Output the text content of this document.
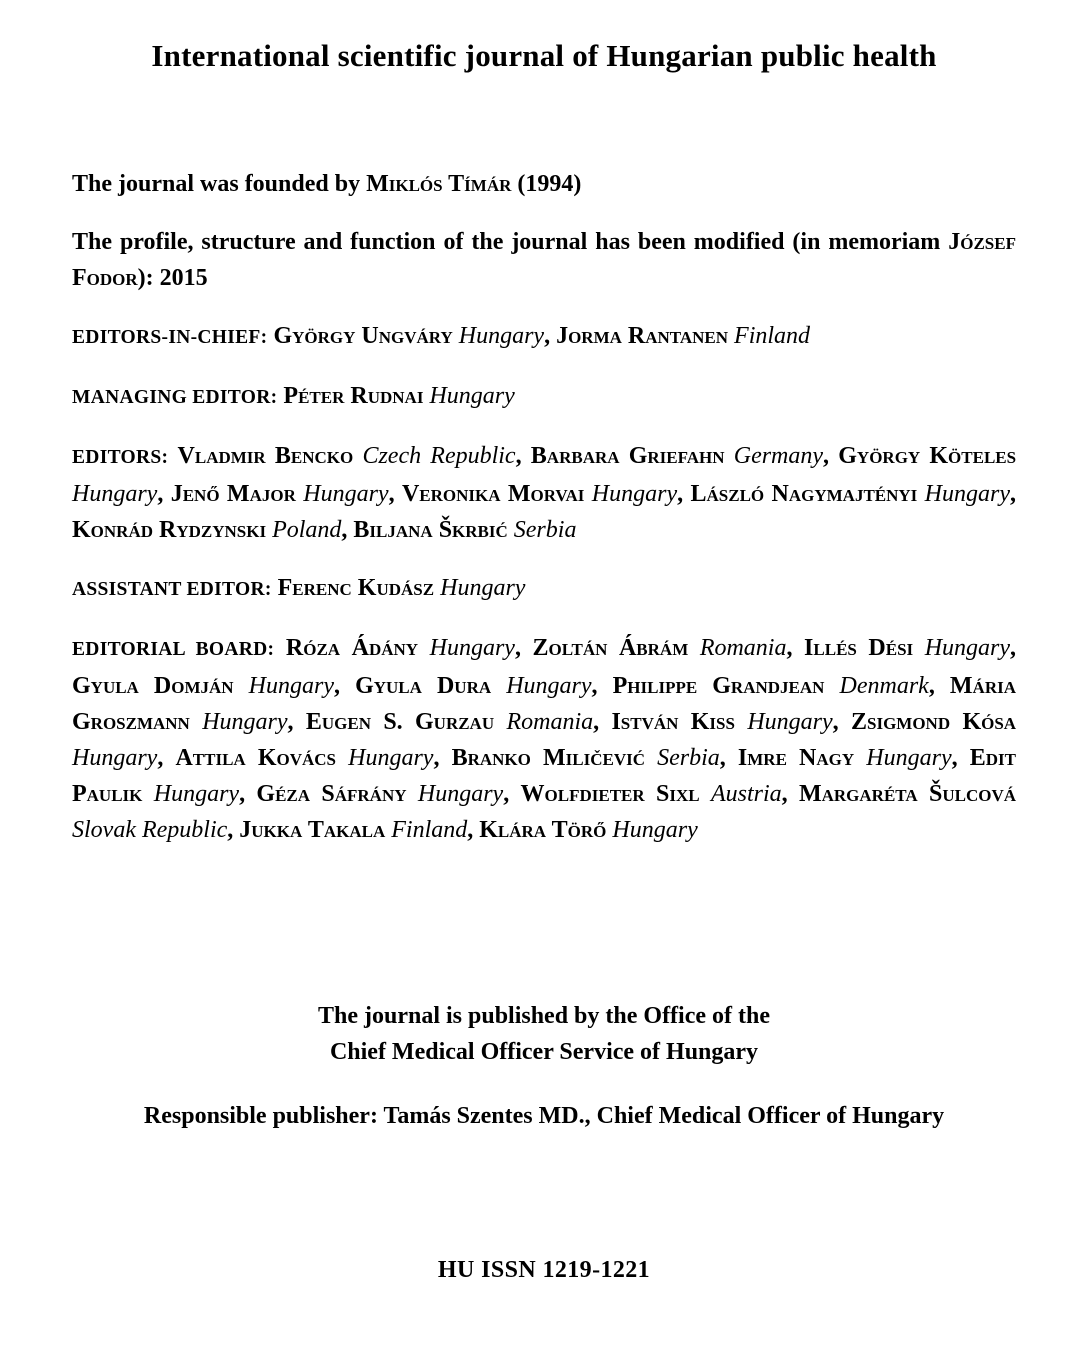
International scientific journal of Hungarian public health

The journal was founded by Miklós Tímár (1994)

The profile, structure and function of the journal has been modified (in memoriam József Fodor): 2015

EDITORS-IN-CHIEF: György Ungváry Hungary, Jorma Rantanen Finland

MANAGING EDITOR: Péter Rudnai Hungary

EDITORS: Vladmir Bencko Czech Republic, Barbara Griefahn Germany, György Köteles Hungary, Jenő Major Hungary, Veronika Morvai Hungary, László Nagymajtényi Hungary, Konrád Rydzynski Poland, Biljana Škrbić Serbia

ASSISTANT EDITOR: Ferenc Kudász Hungary

EDITORIAL BOARD: Róza Ádány Hungary, Zoltán Ábrám Romania, Illés Dési Hungary, Gyula Domján Hungary, Gyula Dura Hungary, Philippe Grandjean Denmark, Mária Groszmann Hungary, Eugen S. Gurzau Romania, István Kiss Hungary, Zsigmond Kósa Hungary, Attila Kovács Hungary, Branko Miličević Serbia, Imre Nagy Hungary, Edit Paulik Hungary, Géza Sáfrány Hungary, Wolfdieter Sixl Austria, Margaréta Šulcová Slovak Republic, Jukka Takala Finland, Klára Törő Hungary

The journal is published by the Office of the
Chief Medical Officer Service of Hungary

Responsible publisher: Tamás Szentes MD., Chief Medical Officer of Hungary

HU ISSN 1219-1221
